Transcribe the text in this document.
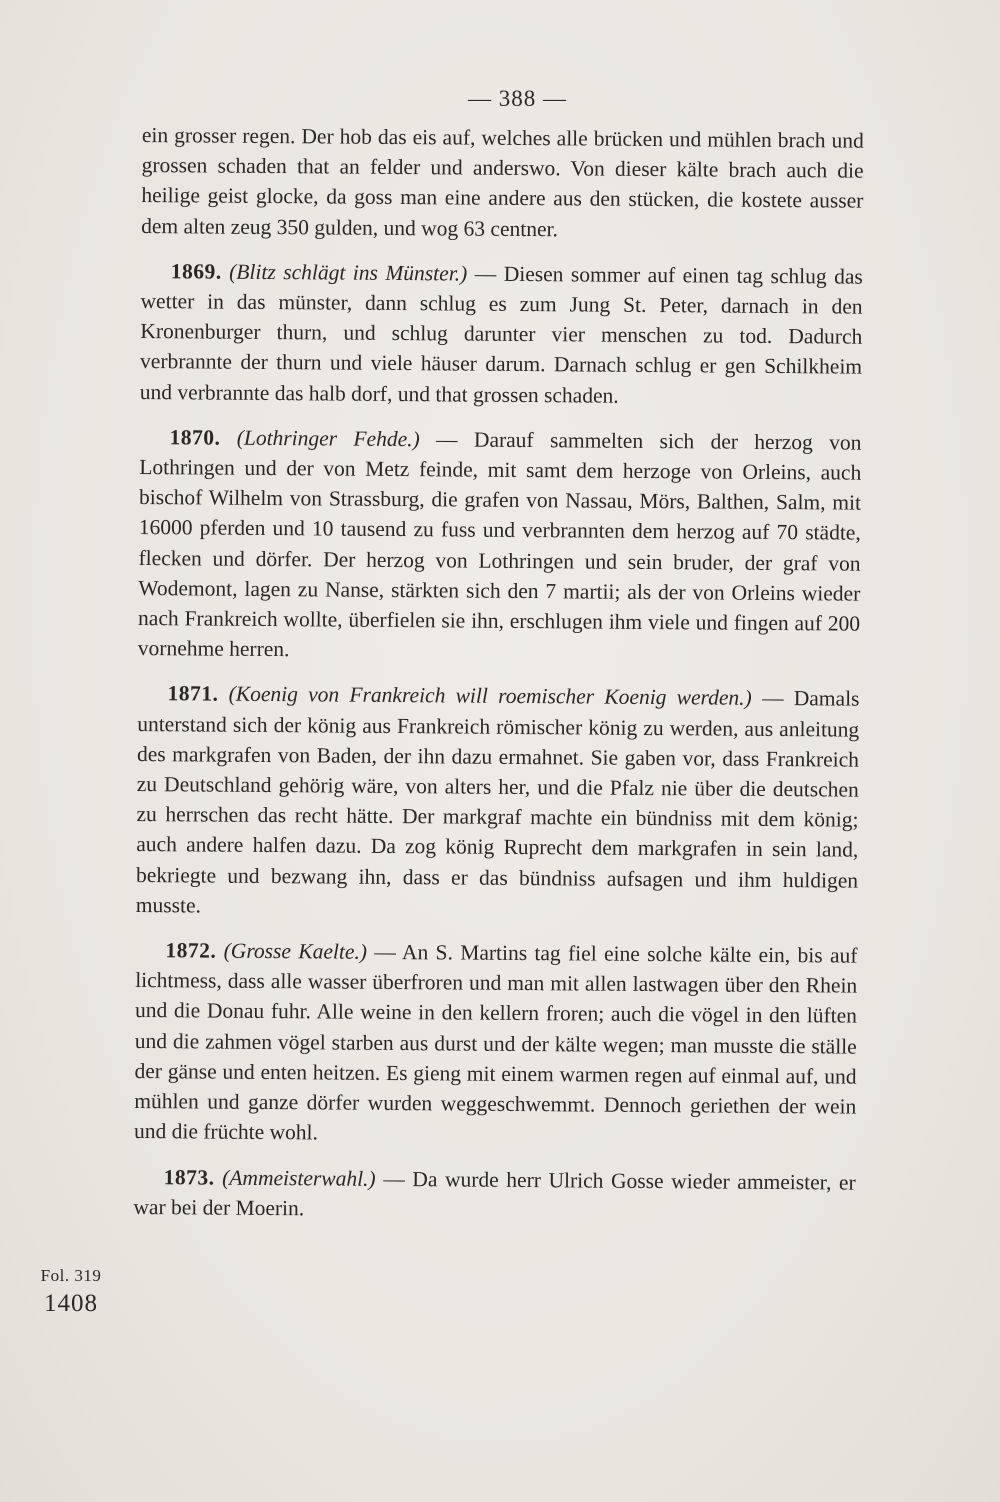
— 388 —
Fol. 319
1408

ein grosser regen. Der hob das eis auf, welches alle brücken und mühlen brach und grossen schaden that an felder und anderswo. Von dieser kälte brach auch die heilige geist glocke, da goss man eine andere aus den stücken, die kostete ausser dem alten zeug 350 gulden, und wog 63 centner.

1869. (Blitz schlägt ins Münster.) — Diesen sommer auf einen tag schlug das wetter in das münster, dann schlug es zum Jung St. Peter, darnach in den Kronenburger thurn, und schlug darunter vier menschen zu tod. Dadurch verbrannte der thurn und viele häuser darum. Darnach schlug er gen Schilkheim und verbrannte das halb dorf, und that grossen schaden.

1870. (Lothringer Fehde.) — Darauf sammelten sich der herzog von Lothringen und der von Metz feinde, mit samt dem herzoge von Orleins, auch bischof Wilhelm von Strassburg, die grafen von Nassau, Mörs, Balthen, Salm, mit 16000 pferden und 10 tausend zu fuss und verbrannten dem herzog auf 70 städte, flecken und dörfer. Der herzog von Lothringen und sein bruder, der graf von Wodemont, lagen zu Nanse, stärkten sich den 7 martii; als der von Orleins wieder nach Frankreich wollte, überfielen sie ihn, erschlugen ihm viele und fingen auf 200 vornehme herren.

1871. (Koenig von Frankreich will roemischer Koenig werden.) — Damals unterstand sich der könig aus Frankreich römischer könig zu werden, aus anleitung des markgrafen von Baden, der ihn dazu ermahnet. Sie gaben vor, dass Frankreich zu Deutschland gehörig wäre, von alters her, und die Pfalz nie über die deutschen zu herrschen das recht hätte. Der markgraf machte ein bündniss mit dem könig; auch andere halfen dazu. Da zog könig Ruprecht dem markgrafen in sein land, bekriegte und bezwang ihn, dass er das bündniss aufsagen und ihm huldigen musste.

1872. (Grosse Kaelte.) — An S. Martins tag fiel eine solche kälte ein, bis auf lichtmess, dass alle wasser überfroren und man mit allen lastwagen über den Rhein und die Donau fuhr. Alle weine in den kellern froren; auch die vögel in den lüften und die zahmen vögel starben aus durst und der kälte wegen; man musste die ställe der gänse und enten heitzen. Es gieng mit einem warmen regen auf einmal auf, und mühlen und ganze dörfer wurden weggeschwemmt. Dennoch geriethen der wein und die früchte wohl.

1873. (Ammeisterwahl.) — Da wurde herr Ulrich Gosse wieder ammeister, er war bei der Moerin.
